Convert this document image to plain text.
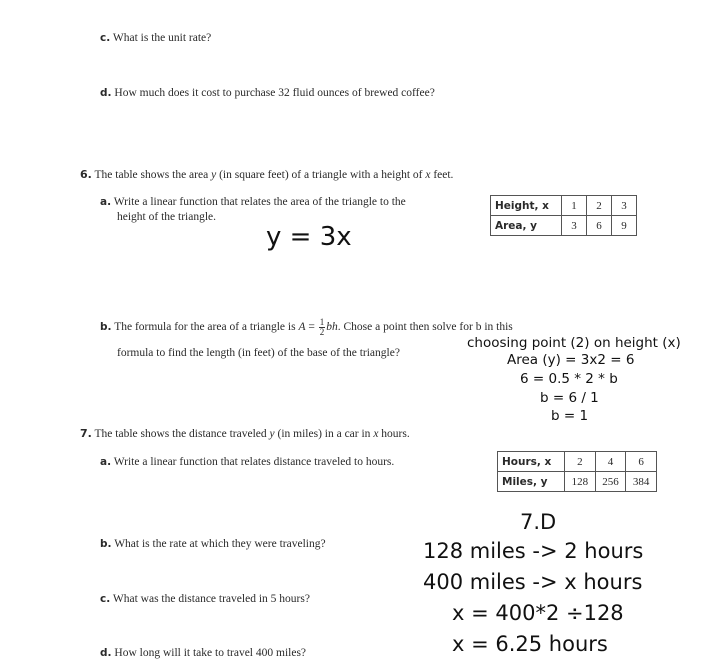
c. What is the unit rate?
d. How much does it cost to purchase 32 fluid ounces of brewed coffee?
6. The table shows the area y (in square feet) of a triangle with a height of x feet.
a. Write a linear function that relates the area of the triangle to the
height of the triangle.
y = 3x
Height, x	1	2	3
Area, y	3	6	9
b. The formula for the area of a triangle is $A = \frac{1}{2}$ bh. Chose a point then solve for b in this
formula to find the length (in feet) of the base of the triangle?
choosing point (2) on height (x)
Area (y) = 3x2 = 6
6 = 0.5 * 2 * b
b = 6 / 1
b = 1
7. The table shows the distance traveled y (in miles) in a car in x hours.
a. Write a linear function that relates distance traveled to hours.	Hours, x	2	4	6
Miles, y	128	256	384
b. What is the rate at which they were traveling?
c. What was the distance traveled in 5 hours?
d. How long will it take to travel 400 miles?
7.D
128 miles -> 2 hours
400 miles -> x hours
x = 400*2 ÷128
x = 6.25 hours
